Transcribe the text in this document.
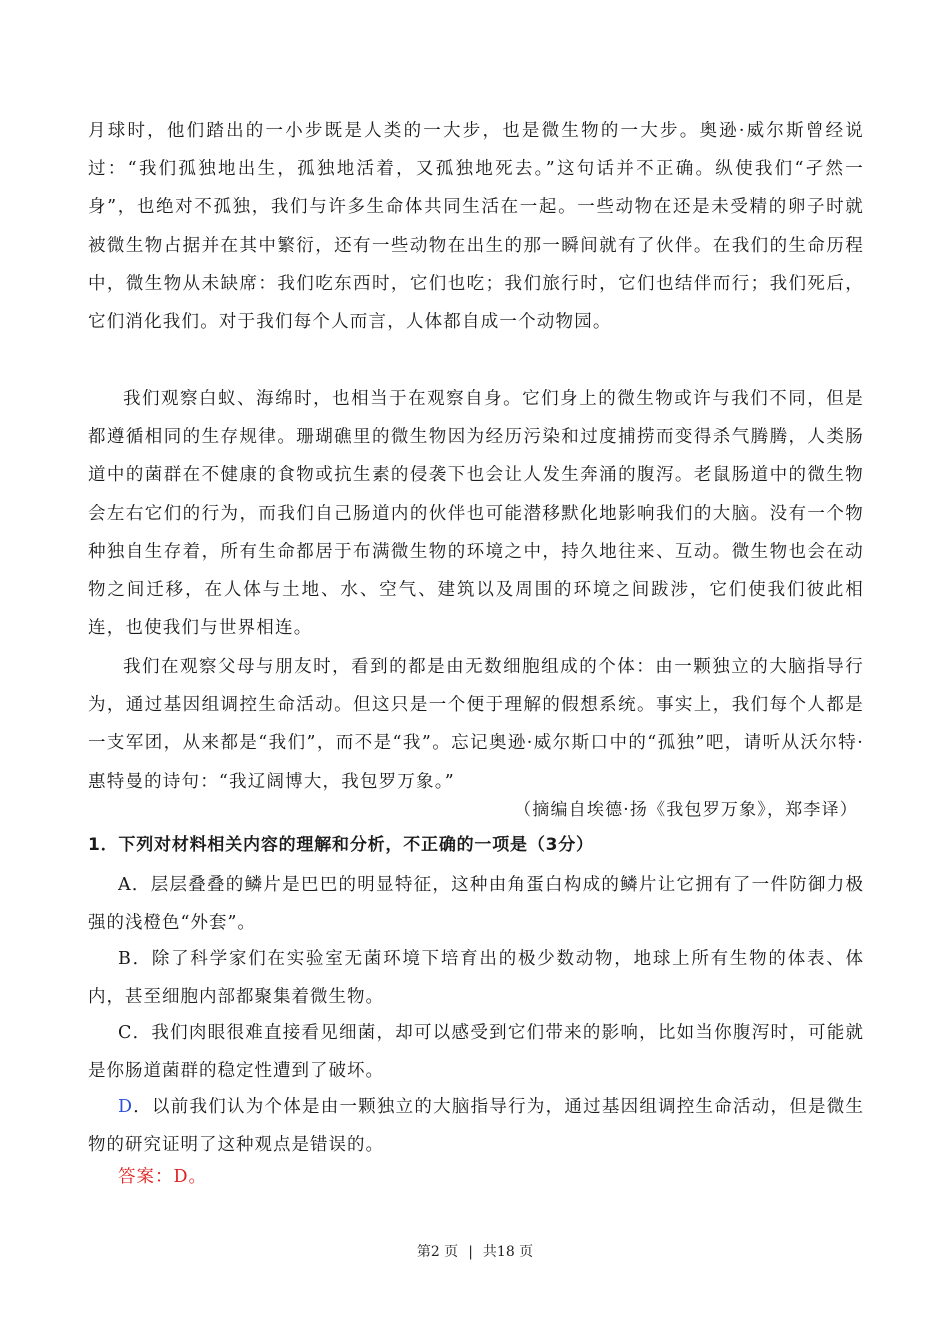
月球时，他们踏出的一小步既是人类的一大步，也是微生物的一大步。奥逊·威尔斯曾经说过：“我们孤独地出生，孤独地活着，又孤独地死去。”这句话并不正确。纵使我们“孑然一身”，也绝对不孤独，我们与许多生命体共同生活在一起。一些动物在还是未受精的卵子时就被微生物占据并在其中繁衍，还有一些动物在出生的那一瞬间就有了伙伴。在我们的生命历程中，微生物从未缺席：我们吃东西时，它们也吃；我们旅行时，它们也结伴而行；我们死后，它们消化我们。对于我们每个人而言，人体都自成一个动物园。
我们观察白蚁、海绵时，也相当于在观察自身。它们身上的微生物或许与我们不同，但是都遵循相同的生存规律。珊瑚礁里的微生物因为经历污染和过度捕捞而变得杀气腾腾，人类肠道中的菌群在不健康的食物或抗生素的侵袭下也会让人发生奔涌的腹泻。老鼠肠道中的微生物会左右它们的行为，而我们自己肠道内的伙伴也可能潜移默化地影响我们的大脑。没有一个物种独自生存着，所有生命都居于布满微生物的环境之中，持久地往来、互动。微生物也会在动物之间迁移，在人体与土地、水、空气、建筑以及周围的环境之间跋涉，它们使我们彼此相连，也使我们与世界相连。
我们在观察父母与朋友时，看到的都是由无数细胞组成的个体：由一颗独立的大脑指导行为，通过基因组调控生命活动。但这只是一个便于理解的假想系统。事实上，我们每个人都是一支军团，从来都是“我们”，而不是“我”。忘记奥逊·威尔斯口中的“孤独”吧，请听从沃尔特·惠特曼的诗句：“我辽阔博大，我包罗万象。”
（摘编自埃德·扬《我包罗万象》，郑李译）
1．下列对材料相关内容的理解和分析，不正确的一项是（3分）
A．层层叠叠的鳞片是巴巴的明显特征，这种由角蛋白构成的鳞片让它拥有了一件防御力极强的浅橙色“外套”。
B．除了科学家们在实验室无菌环境下培育出的极少数动物，地球上所有生物的体表、体内，甚至细胞内部都聚集着微生物。
C．我们肉眼很难直接看见细菌，却可以感受到它们带来的影响，比如当你腹泻时，可能就是你肠道菌群的稳定性遭到了破坏。
D．以前我们认为个体是由一颗独立的大脑指导行为，通过基因组调控生命活动，但是微生物的研究证明了这种观点是错误的。
答案：D。
第2 页 | 共18 页
